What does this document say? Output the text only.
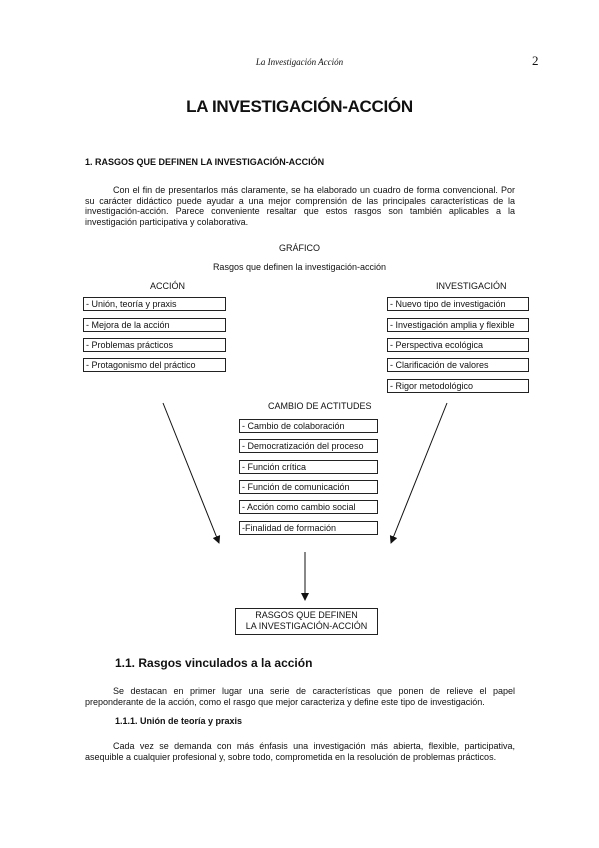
La Investigación Acción	2
LA INVESTIGACIÓN-ACCIÓN
1. RASGOS QUE DEFINEN LA INVESTIGACIÓN-ACCIÓN
Con el fin de presentarlos más claramente, se ha elaborado un cuadro de forma convencional. Por su carácter didáctico puede ayudar a una mejor comprensión de las principales características de la investigación-acción. Parece conveniente resaltar que estos rasgos son también aplicables a la investigación participativa y colaborativa.
GRÁFICO
Rasgos que definen la investigación-acción
ACCIÓN	INVESTIGACIÓN
- Unión, teoría y praxis
- Mejora de la acción
- Problemas prácticos
- Protagonismo del práctico
- Nuevo tipo de investigación
- Investigación amplia y flexible
- Perspectiva ecológica
- Clarificación de valores
- Rigor metodológico
CAMBIO DE ACTITUDES
- Cambio de colaboración
- Democratización del proceso
- Función crítica
- Función de comunicación
- Acción como cambio social
-Finalidad de formación
RASGOS QUE DEFINEN
LA INVESTIGACIÓN-ACCIÓN
1.1. Rasgos vinculados a la acción
Se destacan en primer lugar una serie de características que ponen de relieve el papel preponderante de la acción, como el rasgo que mejor caracteriza y define este tipo de investigación.
1.1.1. Unión de teoría y praxis
Cada vez se demanda con más énfasis una investigación más abierta, flexible, participativa, asequible a cualquier profesional y, sobre todo, comprometida en la resolución de problemas prácticos.
